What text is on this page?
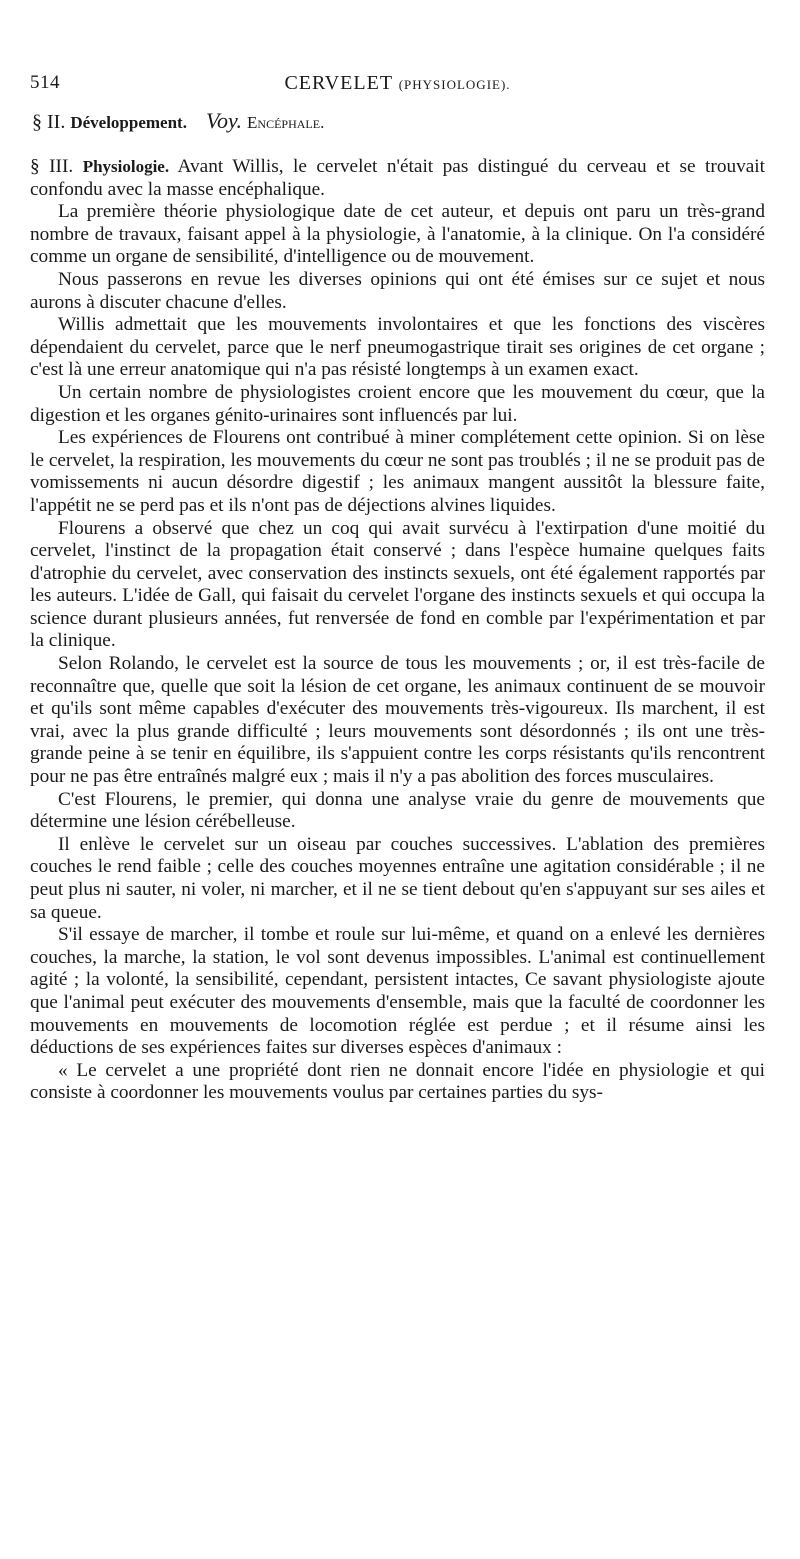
514	CERVELET (PHYSIOLOGIE).
§ II. Développement. Voy. Encéphale.

§ III. Physiologie. Avant Willis, le cervelet n'était pas distingué du cerveau et se trouvait confondu avec la masse encéphalique.

La première théorie physiologique date de cet auteur, et depuis ont paru un très-grand nombre de travaux, faisant appel à la physiologie, à l'anatomie, à la clinique. On l'a considéré comme un organe de sensibilité, d'intelligence ou de mouvement.

Nous passerons en revue les diverses opinions qui ont été émises sur ce sujet et nous aurons à discuter chacune d'elles.

Willis admettait que les mouvements involontaires et que les fonctions des viscères dépendaient du cervelet, parce que le nerf pneumogastrique tirait ses origines de cet organe ; c'est là une erreur anatomique qui n'a pas résisté longtemps à un examen exact.

Un certain nombre de physiologistes croient encore que les mouvement du cœur, que la digestion et les organes génito-urinaires sont influencés par lui.

Les expériences de Flourens ont contribué à miner complétement cette opinion. Si on lèse le cervelet, la respiration, les mouvements du cœur ne sont pas troublés ; il ne se produit pas de vomissements ni aucun désordre digestif ; les animaux mangent aussitôt la blessure faite, l'appétit ne se perd pas et ils n'ont pas de déjections alvines liquides.

Flourens a observé que chez un coq qui avait survécu à l'extirpation d'une moitié du cervelet, l'instinct de la propagation était conservé ; dans l'espèce humaine quelques faits d'atrophie du cervelet, avec conservation des instincts sexuels, ont été également rapportés par les auteurs. L'idée de Gall, qui faisait du cervelet l'organe des instincts sexuels et qui occupa la science durant plusieurs années, fut renversée de fond en comble par l'expérimentation et par la clinique.

Selon Rolando, le cervelet est la source de tous les mouvements ; or, il est très-facile de reconnaître que, quelle que soit la lésion de cet organe, les animaux continuent de se mouvoir et qu'ils sont même capables d'exécuter des mouvements très-vigoureux. Ils marchent, il est vrai, avec la plus grande difficulté ; leurs mouvements sont désordonnés ; ils ont une très-grande peine à se tenir en équilibre, ils s'appuient contre les corps résistants qu'ils rencontrent pour ne pas être entraînés malgré eux ; mais il n'y a pas abolition des forces musculaires.

C'est Flourens, le premier, qui donna une analyse vraie du genre de mouvements que détermine une lésion cérébelleuse.

Il enlève le cervelet sur un oiseau par couches successives. L'ablation des premières couches le rend faible ; celle des couches moyennes entraîne une agitation considérable ; il ne peut plus ni sauter, ni voler, ni marcher, et il ne se tient debout qu'en s'appuyant sur ses ailes et sa queue.

S'il essaye de marcher, il tombe et roule sur lui-même, et quand on a enlevé les dernières couches, la marche, la station, le vol sont devenus impossibles. L'animal est continuellement agité ; la volonté, la sensibilité, cependant, persistent intactes, Ce savant physiologiste ajoute que l'animal peut exécuter des mouvements d'ensemble, mais que la faculté de coordonner les mouvements en mouvements de locomotion réglée est perdue ; et il résume ainsi les déductions de ses expériences faites sur diverses espèces d'animaux :

« Le cervelet a une propriété dont rien ne donnait encore l'idée en physiologie et qui consiste à coordonner les mouvements voulus par certaines parties du sys-
